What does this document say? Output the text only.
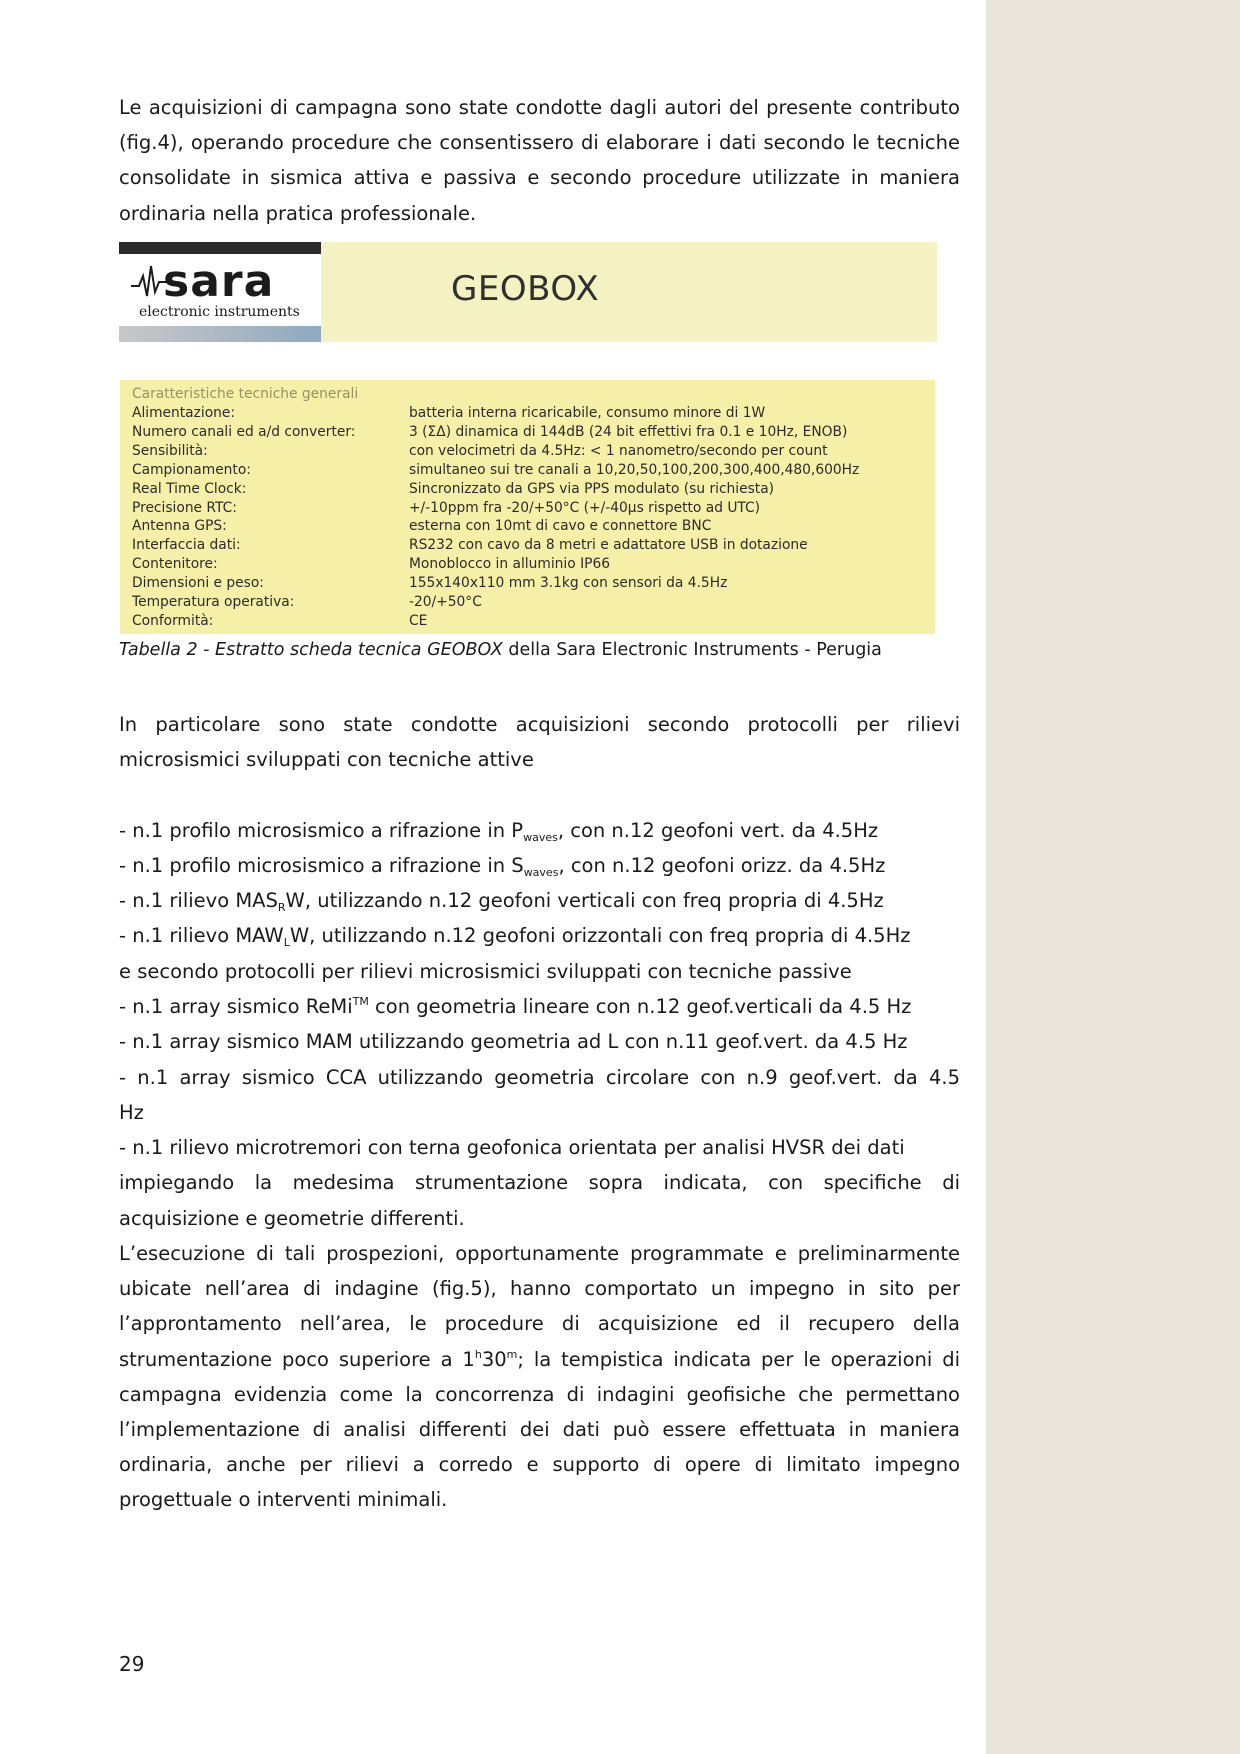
Le acquisizioni di campagna sono state condotte dagli autori del presente contributo (fig.4), operando procedure che consentissero di elaborare i dati secondo le tecniche consolidate in sismica attiva e passiva e secondo procedure utilizzate in maniera ordinaria nella pratica professionale.

sara
electronic instruments
GEOBOX
Caratteristiche tecniche generali
Alimentazione:	batteria interna ricaricabile, consumo minore di 1W
Numero canali ed a/d converter:	3 (ΣΔ) dinamica di 144dB (24 bit effettivi fra 0.1 e 10Hz, ENOB)
Sensibilità:	con velocimetri da 4.5Hz: < 1 nanometro/secondo per count
Campionamento:	simultaneo sui tre canali a 10,20,50,100,200,300,400,480,600Hz
Real Time Clock:	Sincronizzato da GPS via PPS modulato (su richiesta)
Precisione RTC:	+/-10ppm fra -20/+50°C (+/-40µs rispetto ad UTC)
Antenna GPS:	esterna con 10mt di cavo e connettore BNC
Interfaccia dati:	RS232 con cavo da 8 metri e adattatore USB in dotazione
Contenitore:	Monoblocco in alluminio IP66
Dimensioni e peso:	155x140x110 mm 3.1kg con sensori da 4.5Hz
Temperatura operativa:	-20/+50°C
Conformità:	CE
Tabella 2 - Estratto scheda tecnica GEOBOX della Sara Electronic Instruments - Perugia

In particolare sono state condotte acquisizioni secondo protocolli per rilievi microsismici sviluppati con tecniche attive

- n.1 profilo microsismico a rifrazione in $P_{waves}$, con n.12 geofoni vert. da 4.5Hz
- n.1 profilo microsismico a rifrazione in $S_{waves}$, con n.12 geofoni orizz. da 4.5Hz
- n.1 rilievo $MAS_RW$, utilizzando n.12 geofoni verticali con freq propria di 4.5Hz
- n.1 rilievo $MAW_LW$, utilizzando n.12 geofoni orizzontali con freq propria di 4.5Hz
e secondo protocolli per rilievi microsismici sviluppati con tecniche passive
- n.1 array sismico ReMi™ con geometria lineare con n.12 geof.verticali da 4.5 Hz
- n.1 array sismico MAM utilizzando geometria ad L con n.11 geof.vert. da 4.5 Hz
- n.1 array sismico CCA utilizzando geometria circolare con n.9 geof.vert. da 4.5
Hz
- n.1 rilievo microtremori con terna geofonica orientata per analisi HVSR dei dati
impiegando la medesima strumentazione sopra indicata, con specifiche di
acquisizione e geometrie differenti.

L’esecuzione di tali prospezioni, opportunamente programmate e preliminarmente ubicate nell’area di indagine (fig.5), hanno comportato un impegno in sito per l’approntamento nell’area, le procedure di acquisizione ed il recupero della strumentazione poco superiore a 1$^h$30$^m$; la tempistica indicata per le operazioni di campagna evidenzia come la concorrenza di indagini geofisiche che permettano l’implementazione di analisi differenti dei dati può essere effettuata in maniera ordinaria, anche per rilievi a corredo e supporto di opere di limitato impegno progettuale o interventi minimali.

29
